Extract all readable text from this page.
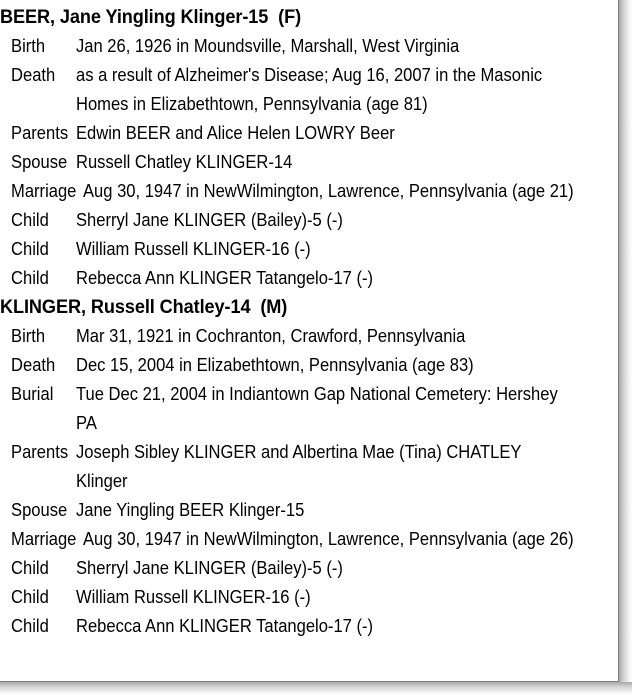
BEER, Jane Yingling Klinger-15  (F)
Birth	Jan 26, 1926 in Moundsville, Marshall, West Virginia
Death	as a result of Alzheimer's Disease; Aug 16, 2007 in the Masonic Homes in Elizabethtown, Pennsylvania (age 81)
Parents Edwin BEER and Alice Helen LOWRY Beer
Spouse Russell Chatley KLINGER-14
Marriage Aug 30, 1947 in NewWilmington, Lawrence, Pennsylvania (age 21)
Child	Sherryl Jane KLINGER (Bailey)-5 (-)
Child	William Russell KLINGER-16 (-)
Child	Rebecca Ann KLINGER Tatangelo-17 (-)
KLINGER, Russell Chatley-14  (M)
Birth	Mar 31, 1921 in Cochranton, Crawford, Pennsylvania
Death	Dec 15, 2004 in Elizabethtown, Pennsylvania (age 83)
Burial	Tue Dec 21, 2004 in Indiantown Gap National Cemetery: Hershey PA
Parents Joseph Sibley KLINGER and Albertina Mae (Tina) CHATLEY Klinger
Spouse Jane Yingling BEER Klinger-15
Marriage Aug 30, 1947 in NewWilmington, Lawrence, Pennsylvania (age 26)
Child	Sherryl Jane KLINGER (Bailey)-5 (-)
Child	William Russell KLINGER-16 (-)
Child	Rebecca Ann KLINGER Tatangelo-17 (-)
